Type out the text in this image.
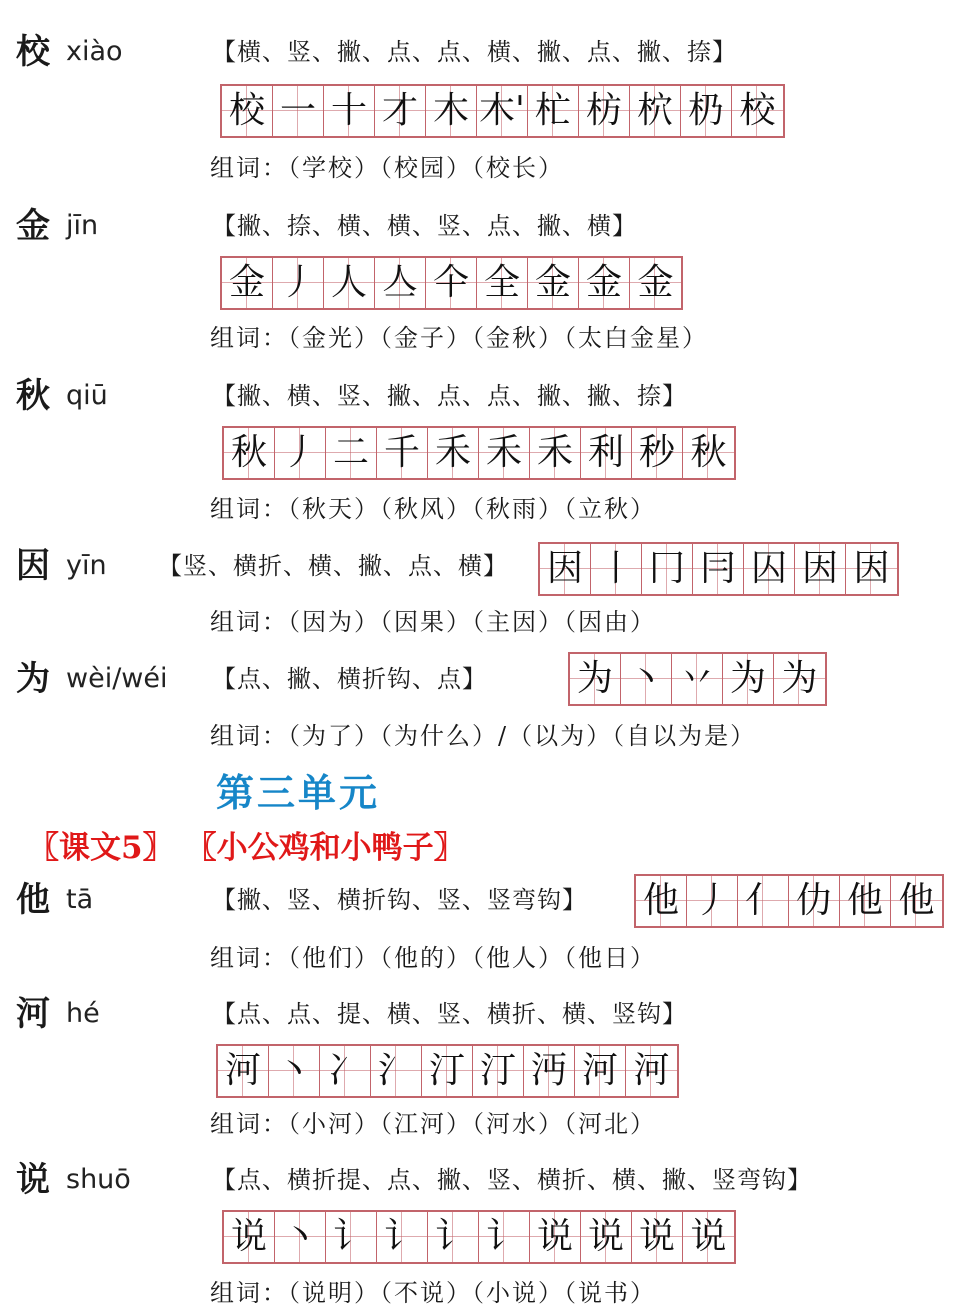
校 xiào	【横、竖、撇、点、点、横、撇、点、撇、捺】
校 一 十 才 木 木' 杧 枋 柼 㭁 校
组词：（学校）（校园）（校长）
金 jīn	【撇、捺、横、横、竖、点、撇、横】
金 丿 人 亼 仐 全 金 金 金
组词：（金光）（金子）（金秋）（太白金星）
秋 qiū	【撇、横、竖、撇、点、点、撇、撇、捺】
秋 丿 二 千 禾 禾 禾 利 秒 秋
组词：（秋天）（秋风）（秋雨）（立秋）
因 yīn 【竖、横折、横、撇、点、横】 因 丨 冂 冃 囚 因 因
组词：（因为）（因果）（主因）（因由）
为 wèi/wéi 【点、撇、横折钩、点】 为 丶 丷 为 为
组词：（为了）（为什么）/（以为）（自以为是）
第三单元
〖课文5〗 〖小公鸡和小鸭子〗
他 tā	【撇、竖、横折钩、竖、竖弯钩】 他 丿 亻 仂 他 他
组词：（他们）（他的）（他人）（他日）
河 hé	【点、点、提、横、竖、横折、横、竖钩】
河 丶 冫 氵 汀 汀 沔 河 河
组词：（小河）（江河）（河水）（河北）
说 shuō	【点、横折提、点、撇、竖、横折、横、撇、竖弯钩】
说 丶 讠 讠 讠 讠 说 说 说 说
组词：（说明）（不说）（小说）（说书）
